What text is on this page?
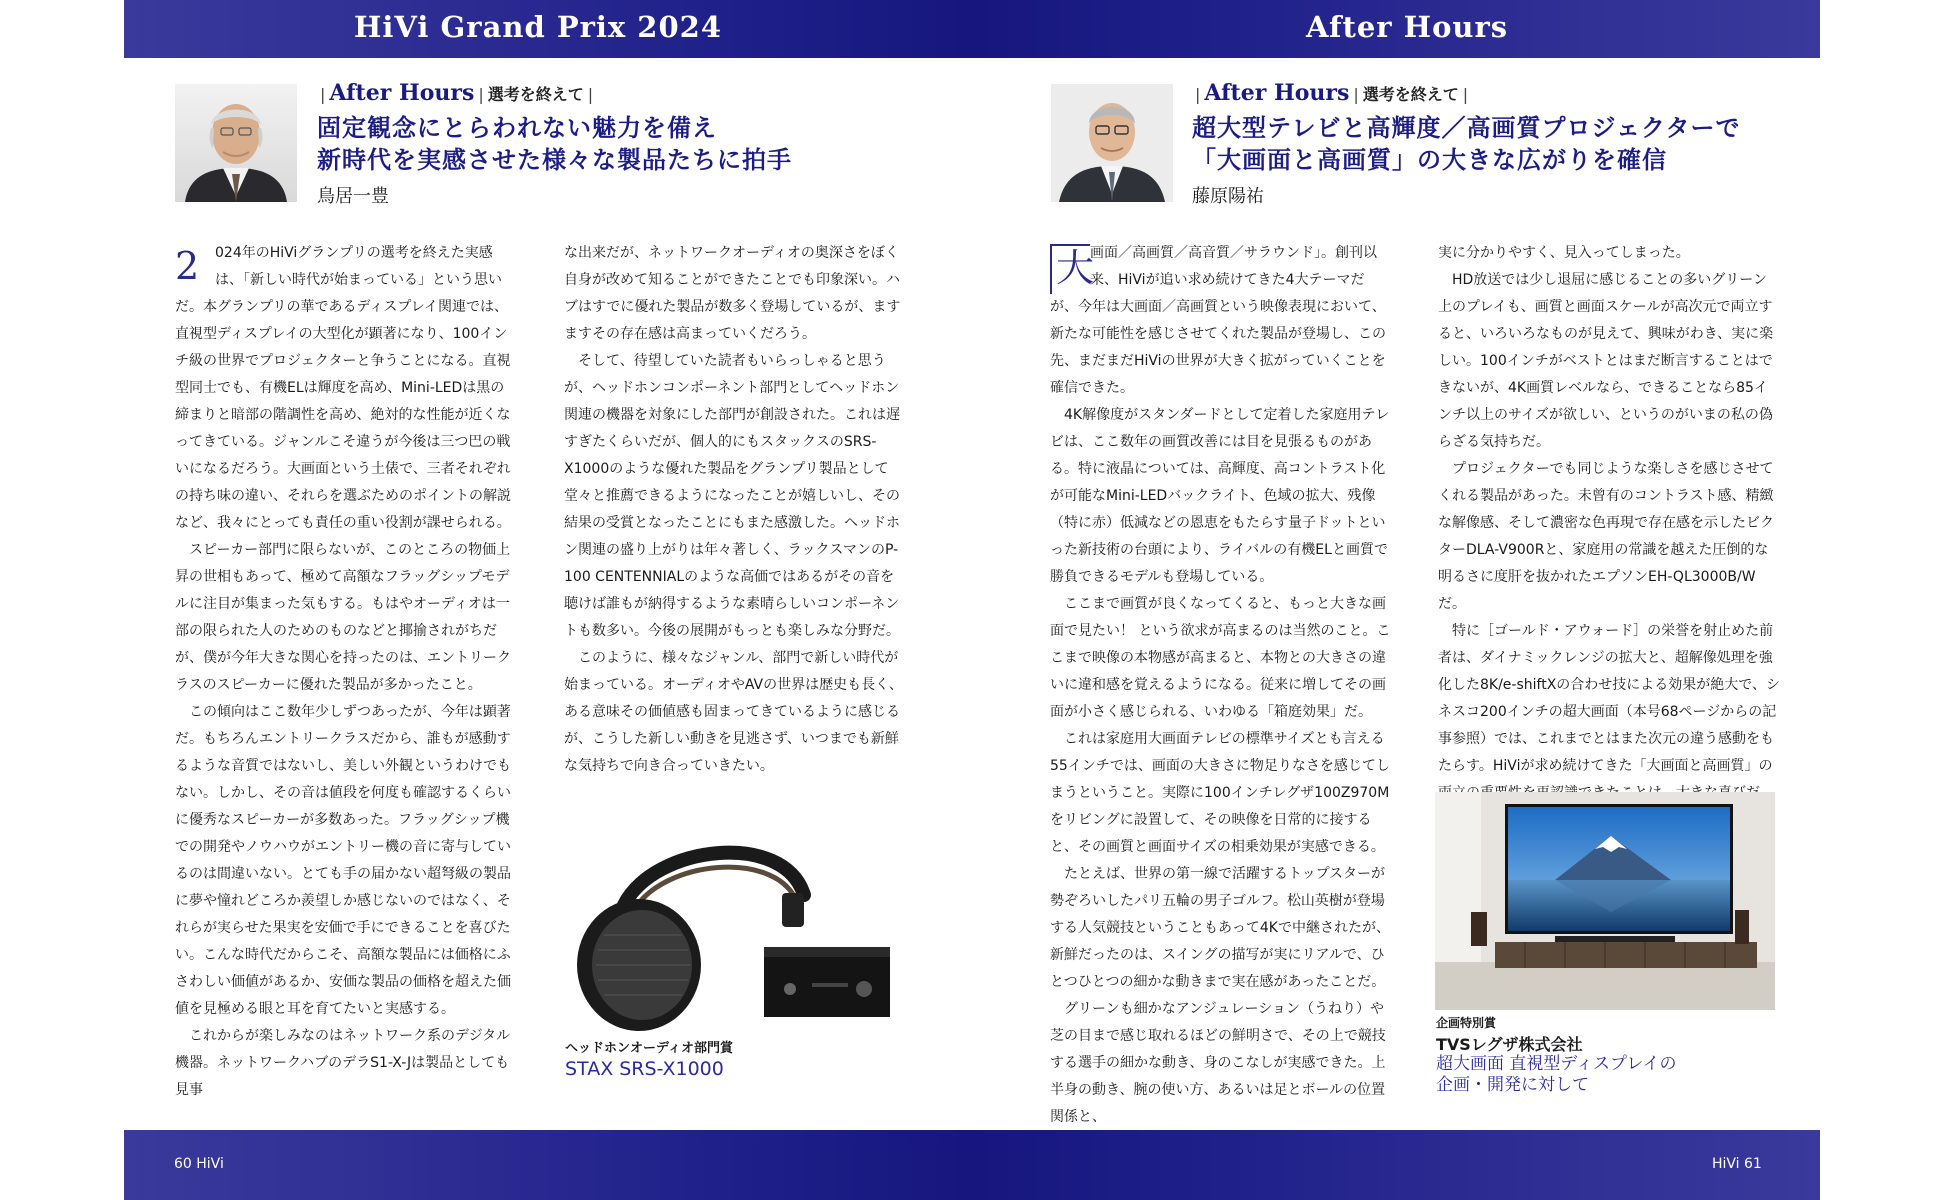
HiVi Grand Prix 2024	After Hours
| After Hours | 選考を終えて |
固定観念にとらわれない魅力を備え
新時代を実感させた様々な製品たちに拍手
鳥居一豊

2	024年のHiViグランプリの選考を終えた実感は、「新しい時代が始まっている」という思いだ。本グランプリの華であるディスプレイ関連では、直視型ディスプレイの大型化が顕著になり、100インチ級の世界でプロジェクターと争うことになる。直視型同士でも、有機ELは輝度を高め、Mini-LEDは黒の締まりと暗部の階調性を高め、絶対的な性能が近くなってきている。ジャンルこそ違うが今後は三つ巴の戦いになるだろう。大画面という土俵で、三者それぞれの持ち味の違い、それらを選ぶためのポイントの解説など、我々にとっても責任の重い役割が課せられる。

スピーカー部門に限らないが、このところの物価上昇の世相もあって、極めて高額なフラッグシップモデルに注目が集まった気もする。もはやオーディオは一部の限られた人のためのものなどと揶揄されがちだが、僕が今年大きな関心を持ったのは、エントリークラスのスピーカーに優れた製品が多かったこと。

この傾向はここ数年少しずつあったが、今年は顕著だ。もちろんエントリークラスだから、誰もが感動するような音質ではないし、美しい外観というわけでもない。しかし、その音は値段を何度も確認するくらいに優秀なスピーカーが多数あった。フラッグシップ機での開発やノウハウがエントリー機の音に寄与しているのは間違いない。とても手の届かない超弩級の製品に夢や憧れどころか羨望しか感じないのではなく、それらが実らせた果実を安価で手にできることを喜びたい。こんな時代だからこそ、高額な製品には価格にふさわしい価値があるか、安価な製品の価格を超えた価値を見極める眼と耳を育てたいと実感する。

これからが楽しみなのはネットワーク系のデジタル機器。ネットワークハブのデラS1-X-Jは製品としても見事

な出来だが、ネットワークオーディオの奥深さをぼく自身が改めて知ることができたことでも印象深い。ハブはすでに優れた製品が数多く登場しているが、ますますその存在感は高まっていくだろう。

そして、待望していた読者もいらっしゃると思うが、ヘッドホンコンポーネント部門としてヘッドホン関連の機器を対象にした部門が創設された。これは遅すぎたくらいだが、個人的にもスタックスのSRS-X1000のような優れた製品をグランプリ製品として堂々と推薦できるようになったことが嬉しいし、その結果の受賞となったことにもまた感激した。ヘッドホン関連の盛り上がりは年々著しく、ラックスマンのP-100 CENTENNIALのような高価ではあるがその音を聴けば誰もが納得するような素晴らしいコンポーネントも数多い。今後の展開がもっとも楽しみな分野だ。

このように、様々なジャンル、部門で新しい時代が始まっている。オーディオやAVの世界は歴史も長く、ある意味その価値感も固まってきているように感じるが、こうした新しい動きを見逃さず、いつまでも新鮮な気持ちで向き合っていきたい。

ヘッドホンオーディオ部門賞
STAX SRS-X1000
| After Hours | 選考を終えて |
超大型テレビと高輝度／高画質プロジェクターで
「大画面と高画質」の大きな広がりを確信
藤原陽祐

大
画面／高画質／高音質／サラウンド」。創刊以来、HiViが追い求め続けてきた4大テーマだが、今年は大画面／高画質という映像表現において、新たな可能性を感じさせてくれた製品が登場し、この先、まだまだHiViの世界が大きく拡がっていくことを確信できた。

4K解像度がスタンダードとして定着した家庭用テレビは、ここ数年の画質改善には目を見張るものがある。特に液晶については、高輝度、高コントラスト化が可能なMini-LEDバックライト、色域の拡大、残像（特に赤）低減などの恩恵をもたらす量子ドットといった新技術の台頭により、ライバルの有機ELと画質で勝負できるモデルも登場している。

ここまで画質が良くなってくると、もっと大きな画面で見たい！ という欲求が高まるのは当然のこと。ここまで映像の本物感が高まると、本物との大きさの違いに違和感を覚えるようになる。従来に増してその画面が小さく感じられる、いわゆる「箱庭効果」だ。

これは家庭用大画面テレビの標準サイズとも言える55インチでは、画面の大きさに物足りなさを感じてしまうということ。実際に100インチレグザ100Z970Mをリビングに設置して、その映像を日常的に接すると、その画質と画面サイズの相乗効果が実感できる。

たとえば、世界の第一線で活躍するトップスターが勢ぞろいしたパリ五輪の男子ゴルフ。松山英樹が登場する人気競技ということもあって4Kで中継されたが、新鮮だったのは、スイングの描写が実にリアルで、ひとつひとつの細かな動きまで実在感があったことだ。

グリーンも細かなアンジュレーション（うねり）や芝の目まで感じ取れるほどの鮮明さで、その上で競技する選手の細かな動き、身のこなしが実感できた。上半身の動き、腕の使い方、あるいは足とボールの位置関係と、

実に分かりやすく、見入ってしまった。

HD放送では少し退屈に感じることの多いグリーン上のプレイも、画質と画面スケールが高次元で両立すると、いろいろなものが見えて、興味がわき、実に楽しい。100インチがベストとはまだ断言することはできないが、4K画質レベルなら、できることなら85インチ以上のサイズが欲しい、というのがいまの私の偽らざる気持ちだ。

プロジェクターでも同じような楽しさを感じさせてくれる製品があった。未曾有のコントラスト感、精緻な解像感、そして濃密な色再現で存在感を示したビクターDLA-V900Rと、家庭用の常識を越えた圧倒的な明るさに度肝を抜かれたエプソンEH-QL3000B/Wだ。

特に［ゴールド・アウォード］の栄誉を射止めた前者は、ダイナミックレンジの拡大と、超解像処理を強化した8K/e-shiftXの合わせ技による効果が絶大で、シネスコ200インチの超大画面（本号68ページからの記事参照）では、これまでとはまた次元の違う感動をもたらす。HiViが求め続けてきた「大画面と高画質」の

企画特別賞
TVSレグザ株式会社
超大画面 直視型ディスプレイの
企画・開発に対して
60 HiVi	HiVi 61
